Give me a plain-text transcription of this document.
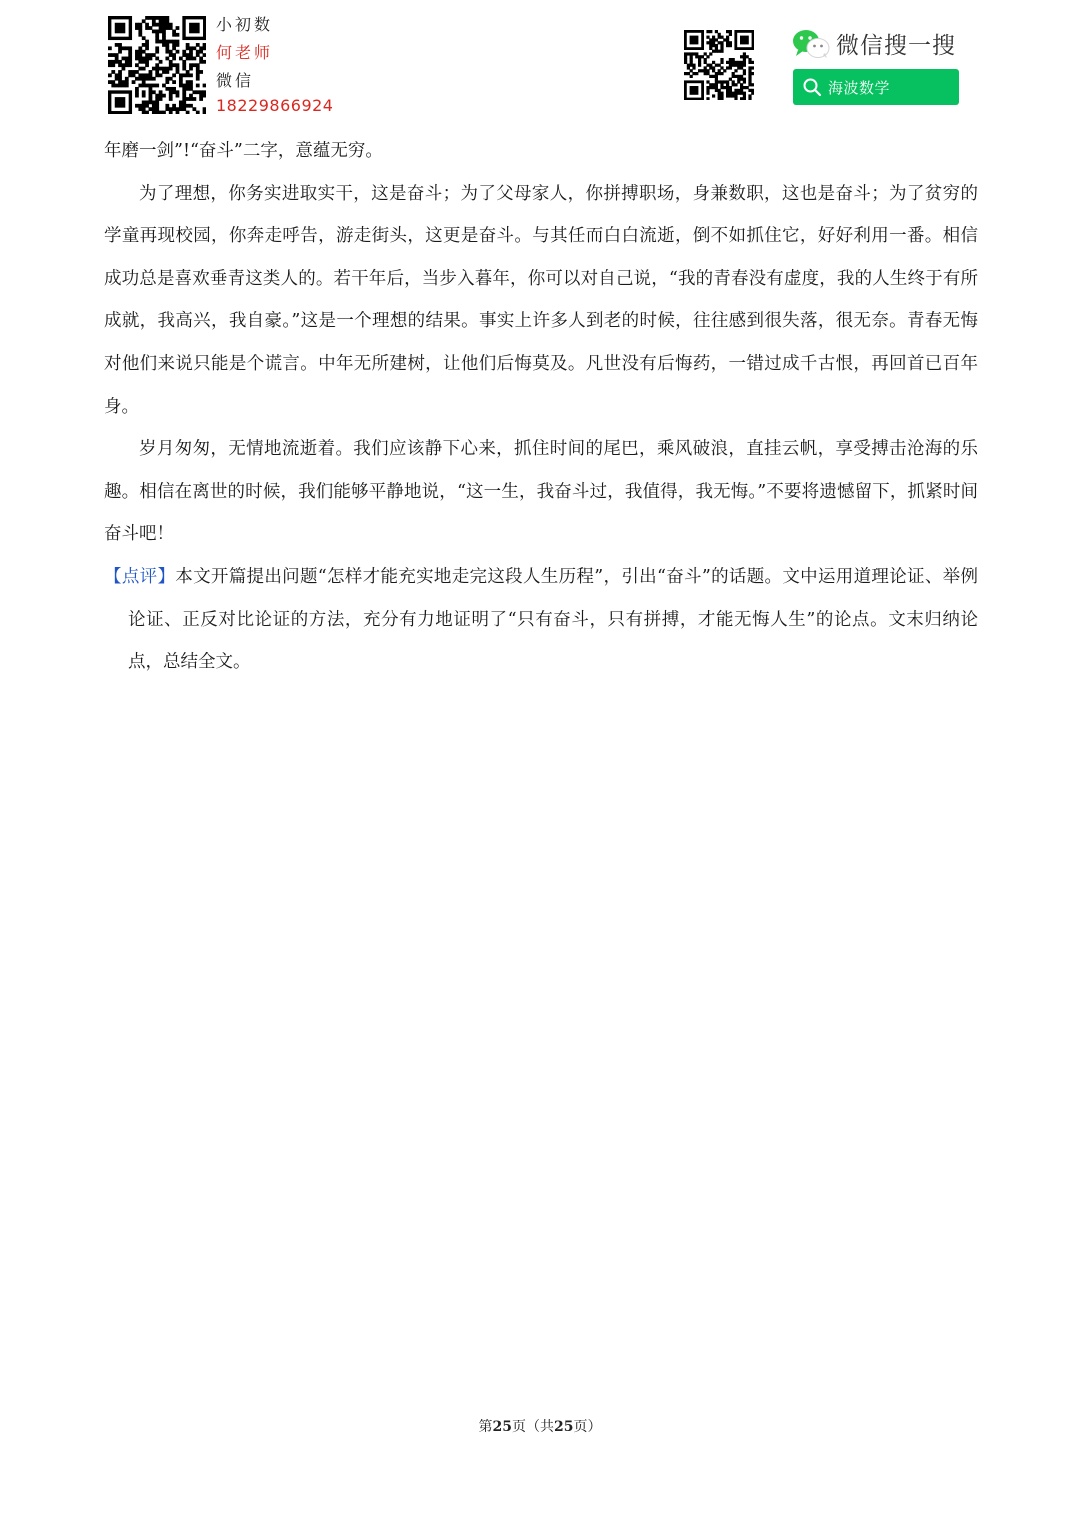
小初数
何老师
微信
18229866924
微信搜一搜
海波数学

年磨一剑”!“奋斗”二字，意蕴无穷。

为了理想，你务实进取实干，这是奋斗；为了父母家人，你拼搏职场，身兼数职，这也是奋斗；为了贫穷的学童再现校园，你奔走呼告，游走街头，这更是奋斗。与其任而白白流逝，倒不如抓住它，好好利用一番。相信成功总是喜欢垂青这类人的。若干年后，当步入暮年，你可以对自己说，“我的青春没有虚度，我的人生终于有所成就，我高兴，我自豪。”这是一个理想的结果。事实上许多人到老的时候，往往感到很失落，很无奈。青春无悔对他们来说只能是个谎言。中年无所建树，让他们后悔莫及。凡世没有后悔药，一错过成千古恨，再回首已百年身。

岁月匆匆，无情地流逝着。我们应该静下心来，抓住时间的尾巴，乘风破浪，直挂云帆，享受搏击沧海的乐趣。相信在离世的时候，我们能够平静地说，“这一生，我奋斗过，我值得，我无悔。”不要将遗憾留下，抓紧时间奋斗吧！

【点评】本文开篇提出问题“怎样才能充实地走完这段人生历程”，引出“奋斗”的话题。文中运用道理论证、举例论证、正反对比论证的方法，充分有力地证明了“只有奋斗，只有拼搏，才能无悔人生”的论点。文末归纳论点，总结全文。

第25页（共25页）
